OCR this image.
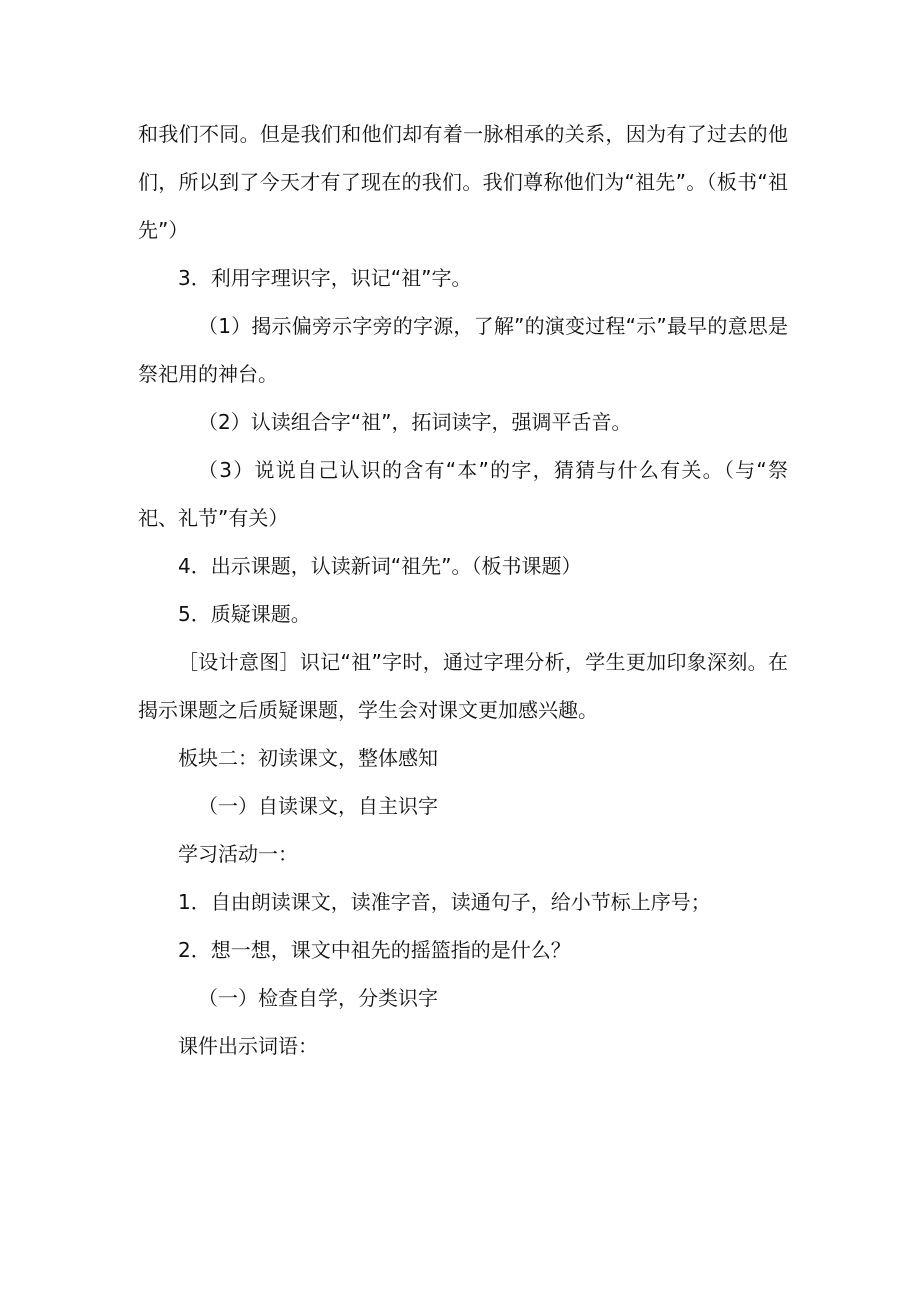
和我们不同。但是我们和他们却有着一脉相承的关系，因为有了过去的他们，所以到了今天才有了现在的我们。我们尊称他们为“祖先”。（板书“祖先”）

3．利用字理识字，识记“祖”字。

（1）揭示偏旁示字旁的字源，了解”的演变过程“示”最早的意思是祭祀用的神台。

（2）认读组合字“祖”，拓词读字，强调平舌音。

（3）说说自己认识的含有“本”的字，猜猜与什么有关。（与“祭祀、礼节”有关）

4．出示课题，认读新词“祖先”。（板书课题）

5．质疑课题。

［设计意图］识记“祖”字时，通过字理分析，学生更加印象深刻。在揭示课题之后质疑课题，学生会对课文更加感兴趣。

板块二：初读课文，整体感知

（一）自读课文，自主识字

学习活动一：

1．自由朗读课文，读准字音，读通句子，给小节标上序号；

2．想一想，课文中祖先的摇篮指的是什么？

（一）检查自学，分类识字

课件出示词语：
